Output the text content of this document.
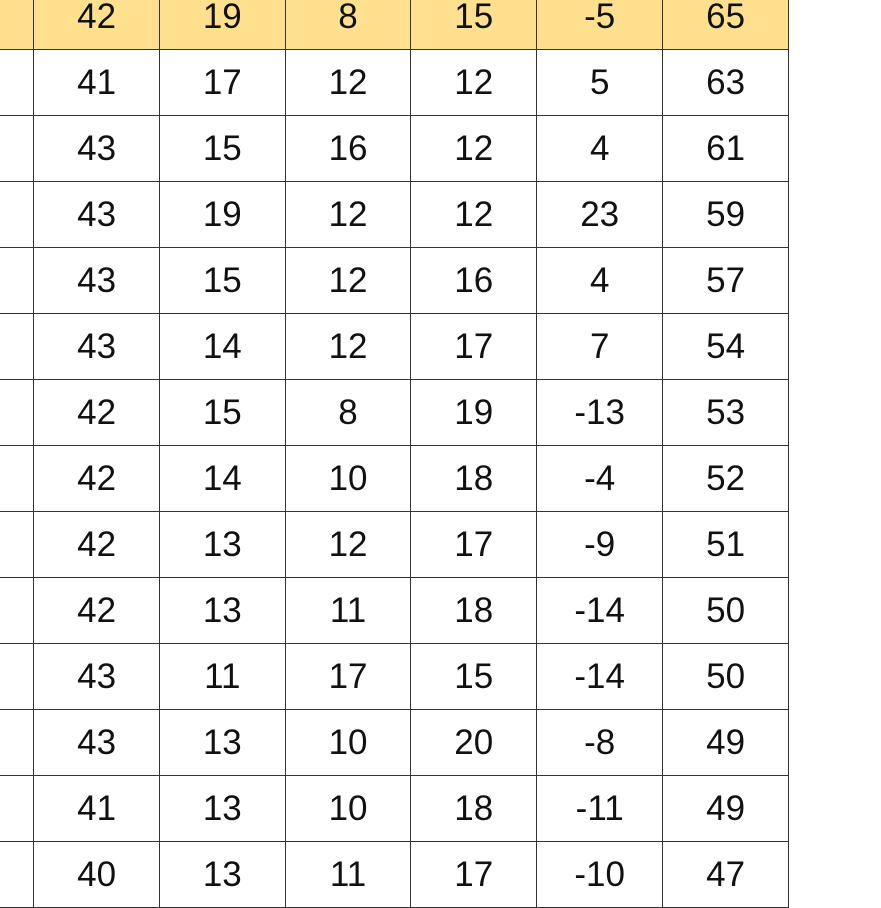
	42	19	8	15	-5	65
	41	17	12	12	5	63
	43	15	16	12	4	61
	43	19	12	12	23	59
	43	15	12	16	4	57
	43	14	12	17	7	54
	42	15	8	19	-13	53
	42	14	10	18	-4	52
	42	13	12	17	-9	51
	42	13	11	18	-14	50
	43	11	17	15	-14	50
	43	13	10	20	-8	49
	41	13	10	18	-11	49
	40	13	11	17	-10	47
